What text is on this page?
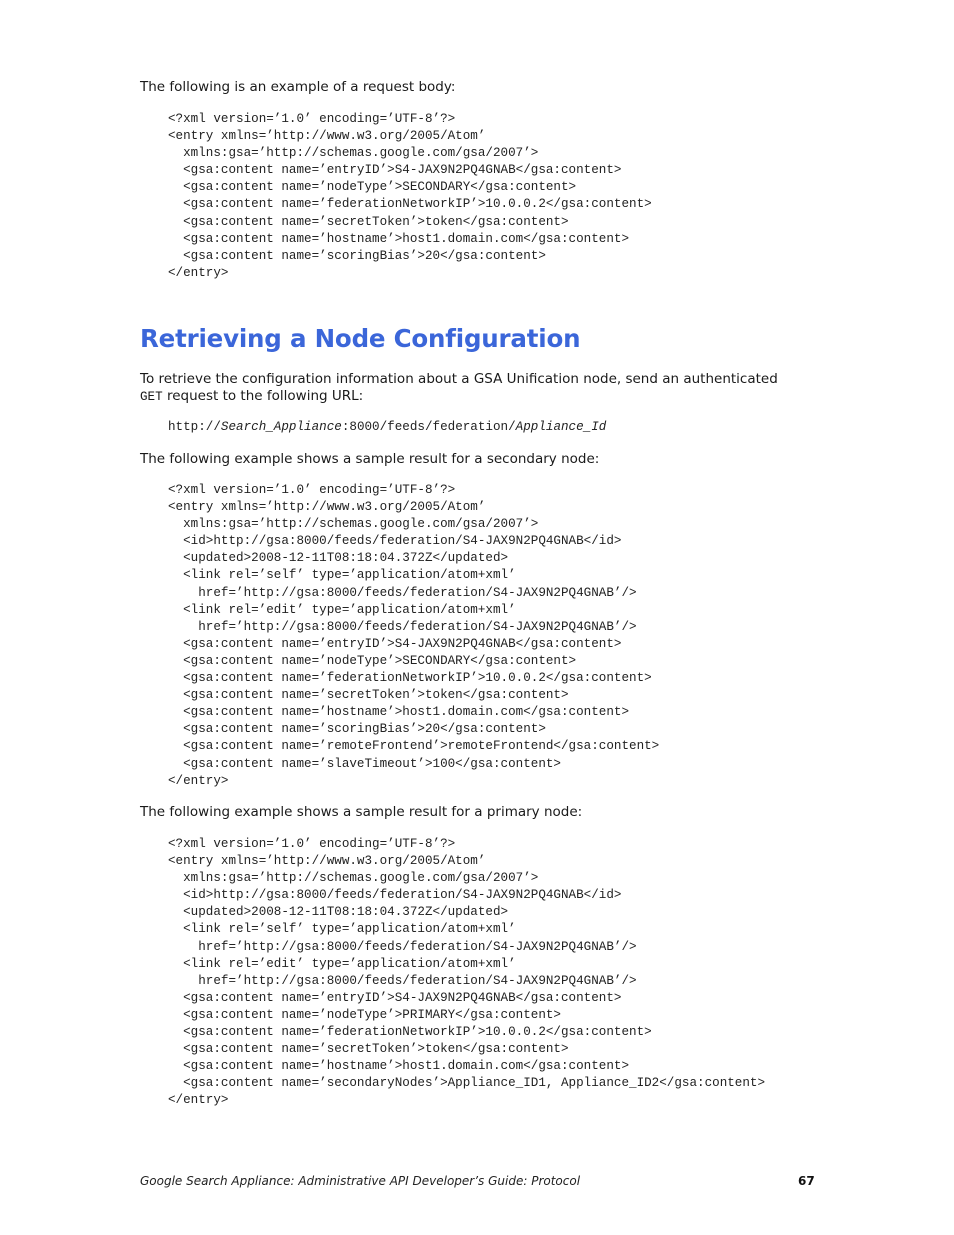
The following is an example of a request body:
<?xml version=’1.0’ encoding=’UTF-8’?>
<entry xmlns=’http://www.w3.org/2005/Atom’
xmlns:gsa=’http://schemas.google.com/gsa/2007’>
<gsa:content name=’entryID’>S4-JAX9N2PQ4GNAB</gsa:content>
<gsa:content name=’nodeType’>SECONDARY</gsa:content>
<gsa:content name=’federationNetworkIP’>10.0.0.2</gsa:content>
<gsa:content name=’secretToken’>token</gsa:content>
<gsa:content name=’hostname’>host1.domain.com</gsa:content>
<gsa:content name=’scoringBias’>20</gsa:content>
</entry>
Retrieving a Node Configuration
To retrieve the configuration information about a GSA Unification node, send an authenticated GET request to the following URL:
http://Search_Appliance:8000/feeds/federation/Appliance_Id
The following example shows a sample result for a secondary node:
<?xml version=’1.0’ encoding=’UTF-8’?>
<entry xmlns=’http://www.w3.org/2005/Atom’
xmlns:gsa=’http://schemas.google.com/gsa/2007’>
<id>http://gsa:8000/feeds/federation/S4-JAX9N2PQ4GNAB</id>
<updated>2008-12-11T08:18:04.372Z</updated>
<link rel=’self’ type=’application/atom+xml’
href=’http://gsa:8000/feeds/federation/S4-JAX9N2PQ4GNAB’/>
<link rel=’edit’ type=’application/atom+xml’
href=’http://gsa:8000/feeds/federation/S4-JAX9N2PQ4GNAB’/>
<gsa:content name=’entryID’>S4-JAX9N2PQ4GNAB</gsa:content>
<gsa:content name=’nodeType’>SECONDARY</gsa:content>
<gsa:content name=’federationNetworkIP’>10.0.0.2</gsa:content>
<gsa:content name=’secretToken’>token</gsa:content>
<gsa:content name=’hostname’>host1.domain.com</gsa:content>
<gsa:content name=’scoringBias’>20</gsa:content>
<gsa:content name=’remoteFrontend’>remoteFrontend</gsa:content>
<gsa:content name=’slaveTimeout’>100</gsa:content>
</entry>
The following example shows a sample result for a primary node:
<?xml version=’1.0’ encoding=’UTF-8’?>
<entry xmlns=’http://www.w3.org/2005/Atom’
xmlns:gsa=’http://schemas.google.com/gsa/2007’>
<id>http://gsa:8000/feeds/federation/S4-JAX9N2PQ4GNAB</id>
<updated>2008-12-11T08:18:04.372Z</updated>
<link rel=’self’ type=’application/atom+xml’
href=’http://gsa:8000/feeds/federation/S4-JAX9N2PQ4GNAB’/>
<link rel=’edit’ type=’application/atom+xml’
href=’http://gsa:8000/feeds/federation/S4-JAX9N2PQ4GNAB’/>
<gsa:content name=’entryID’>S4-JAX9N2PQ4GNAB</gsa:content>
<gsa:content name=’nodeType’>PRIMARY</gsa:content>
<gsa:content name=’federationNetworkIP’>10.0.0.2</gsa:content>
<gsa:content name=’secretToken’>token</gsa:content>
<gsa:content name=’hostname’>host1.domain.com</gsa:content>
<gsa:content name=’secondaryNodes’>Appliance_ID1, Appliance_ID2</gsa:content>
</entry>
Google Search Appliance: Administrative API Developer’s Guide: Protocol	67
